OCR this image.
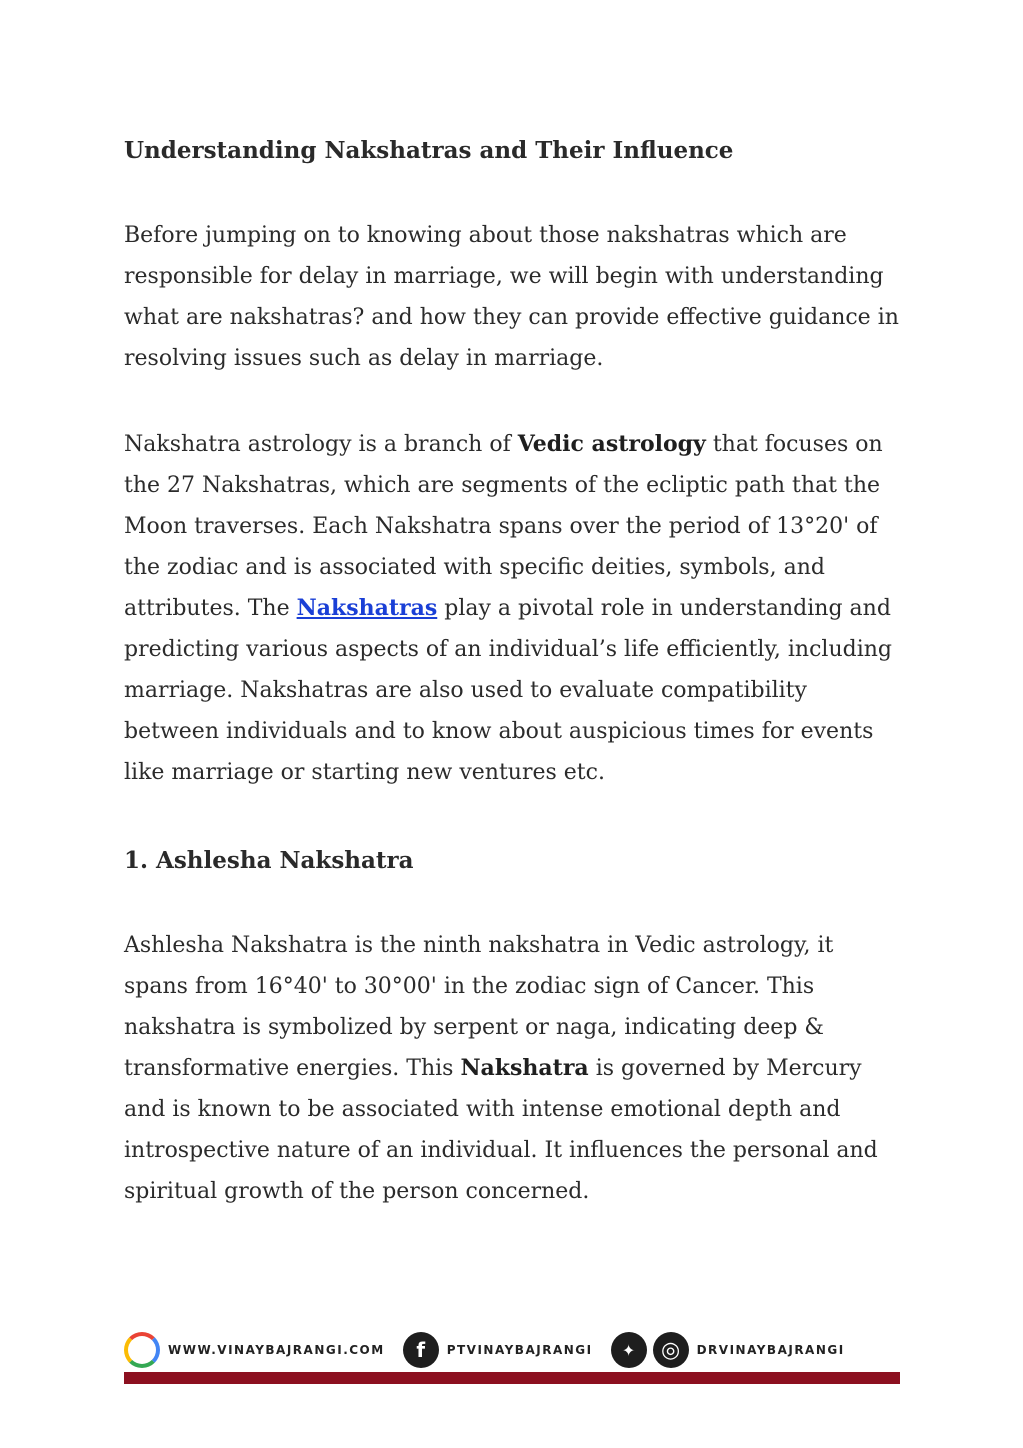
Understanding Nakshatras and Their Influence

Before jumping on to knowing about those nakshatras which are responsible for delay in marriage, we will begin with understanding what are nakshatras? and how they can provide effective guidance in resolving issues such as delay in marriage.

Nakshatra astrology is a branch of Vedic astrology that focuses on the 27 Nakshatras, which are segments of the ecliptic path that the Moon traverses. Each Nakshatra spans over the period of 13°20' of the zodiac and is associated with specific deities, symbols, and attributes. The Nakshatras play a pivotal role in understanding and predicting various aspects of an individual’s life efficiently, including marriage. Nakshatras are also used to evaluate compatibility between individuals and to know about auspicious times for events like marriage or starting new ventures etc.

1. Ashlesha Nakshatra

Ashlesha Nakshatra is the ninth nakshatra in Vedic astrology, it spans from 16°40' to 30°00' in the zodiac sign of Cancer. This nakshatra is symbolized by serpent or naga, indicating deep & transformative energies. This Nakshatra is governed by Mercury and is known to be associated with intense emotional depth and introspective nature of an individual. It influences the personal and spiritual growth of the person concerned.

WWW.VINAYBAJRANGI.COM	f	PTVINAYBAJRANGI	✦	◎	DRVINAYBAJRANGI
